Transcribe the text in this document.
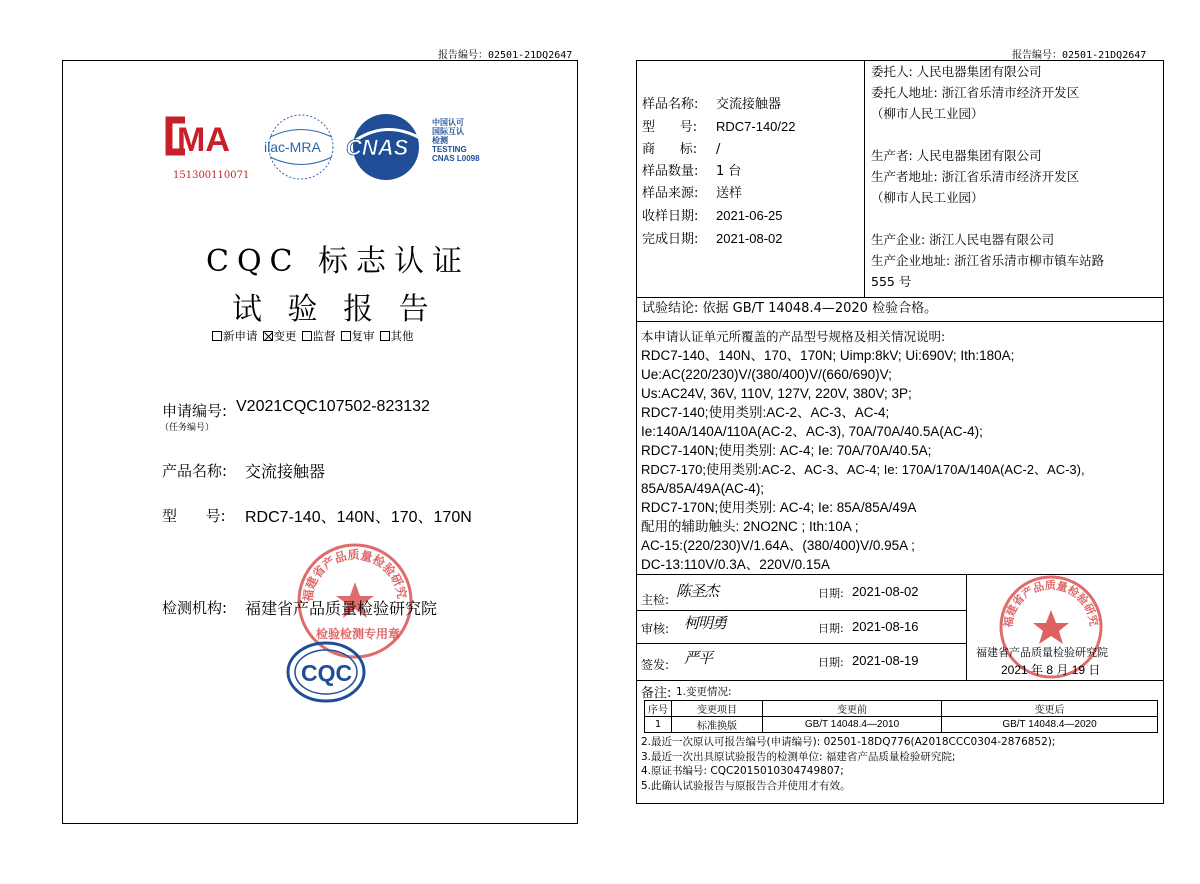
报告编号：02501-21DQ2647
MA
151300110071
ilac-MRA CNAS
中国认可
国际互认
检测
TESTING
CNAS L0098
CQC 标志认证
试 验 报 告
新申请	变更	监督	复审	其他
申请编号: V2021CQC107502-823132
（任务编号）
产品名称: 交流接触器
型      号: RDC7-140、140N、170、170N
福建省产品质量检验研究
检验检测专用章
检测机构: 福建省产品质量检验研究院
CQC
报告编号：02501-21DQ2647
样品名称: 交流接触器
型      号: RDC7-140/22
商      标: /
样品数量: 1 台
样品来源: 送样
收样日期: 2021-06-25
完成日期: 2021-08-02
委托人: 人民电器集团有限公司
委托人地址: 浙江省乐清市经济开发区
（柳市人民工业园）
生产者: 人民电器集团有限公司
生产者地址: 浙江省乐清市经济开发区
（柳市人民工业园）
生产企业: 浙江人民电器有限公司
生产企业地址: 浙江省乐清市柳市镇车站路
555 号
试验结论: 依据 GB/T 14048.4—2020 检验合格。
本申请认证单元所覆盖的产品型号规格及相关情况说明:
RDC7-140、140N、170、170N; Uimp:8kV; Ui:690V; Ith:180A;
Ue:AC(220/230)V/(380/400)V/(660/690)V;
Us:AC24V, 36V, 110V, 127V, 220V, 380V; 3P;
RDC7-140;使用类别:AC-2、AC-3、AC-4;
Ie:140A/140A/110A(AC-2、AC-3), 70A/70A/40.5A(AC-4);
RDC7-140N;使用类别: AC-4; Ie: 70A/70A/40.5A;
RDC7-170;使用类别:AC-2、AC-3、AC-4; Ie: 170A/170A/140A(AC-2、AC-3),
85A/85A/49A(AC-4);
RDC7-170N;使用类别: AC-4; Ie: 85A/85A/49A
配用的辅助触头: 2NO2NC ; Ith:10A ;
AC-15:(220/230)V/1.64A、(380/400)V/0.95A ;
DC-13:110V/0.3A、220V/0.15A
主检: 陈圣杰	日期: 2021-08-02
审核: 柯明勇	日期: 2021-08-16
签发: 严平	日期: 2021-08-19
福建省产品质量检验研究
福建省产品质量检验研究院
2021 年 8 月 19 日
备注: 1.变更情况:
序号	变更项目	变更前	变更后
1	标准换版	GB/T 14048.4—2010	GB/T 14048.4—2020
2.最近一次原认可报告编号(申请编号): 02501-18DQ776(A2018CCC0304-2876852);
3.最近一次出具原试验报告的检测单位: 福建省产品质量检验研究院;
4.原证书编号: CQC2015010304749807;
5.此确认试验报告与原报告合并使用才有效。
